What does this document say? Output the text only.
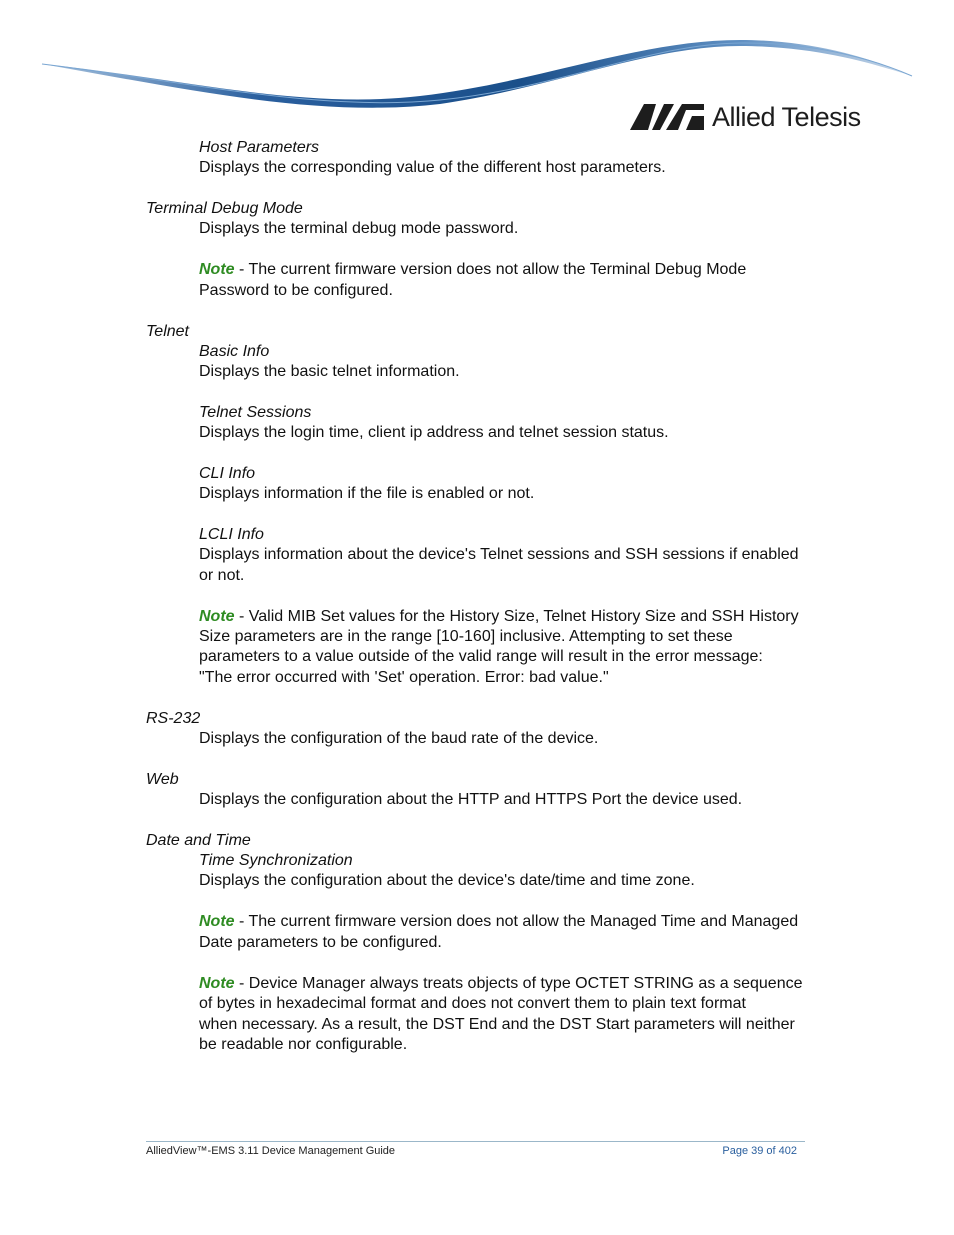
Allied Telesis
Host Parameters
Displays the corresponding value of the different host parameters.
Terminal Debug Mode
Displays the terminal debug mode password.
Note - The current firmware version does not allow the Terminal Debug Mode
Password to be configured.
Telnet
Basic Info
Displays the basic telnet information.
Telnet Sessions
Displays the login time, client ip address and telnet session status.
CLI Info
Displays information if the file is enabled or not.
LCLI Info
Displays information about the device's Telnet sessions and SSH sessions if enabled
or not.
Note - Valid MIB Set values for the History Size, Telnet History Size and SSH History
Size parameters are in the range [10-160] inclusive. Attempting to set these
parameters to a value outside of the valid range will result in the error message:
"The error occurred with 'Set' operation. Error: bad value."
RS-232
Displays the configuration of the baud rate of the device.
Web
Displays the configuration about the HTTP and HTTPS Port the device used.
Date and Time
Time Synchronization
Displays the configuration about the device's date/time and time zone.
Note - The current firmware version does not allow the Managed Time and Managed
Date parameters to be configured.
Note - Device Manager always treats objects of type OCTET STRING as a sequence
of bytes in hexadecimal format and does not convert them to plain text format
when necessary. As a result, the DST End and the DST Start parameters will neither
be readable nor configurable.
AlliedView™-EMS 3.11 Device Management Guide	Page 39 of 402
